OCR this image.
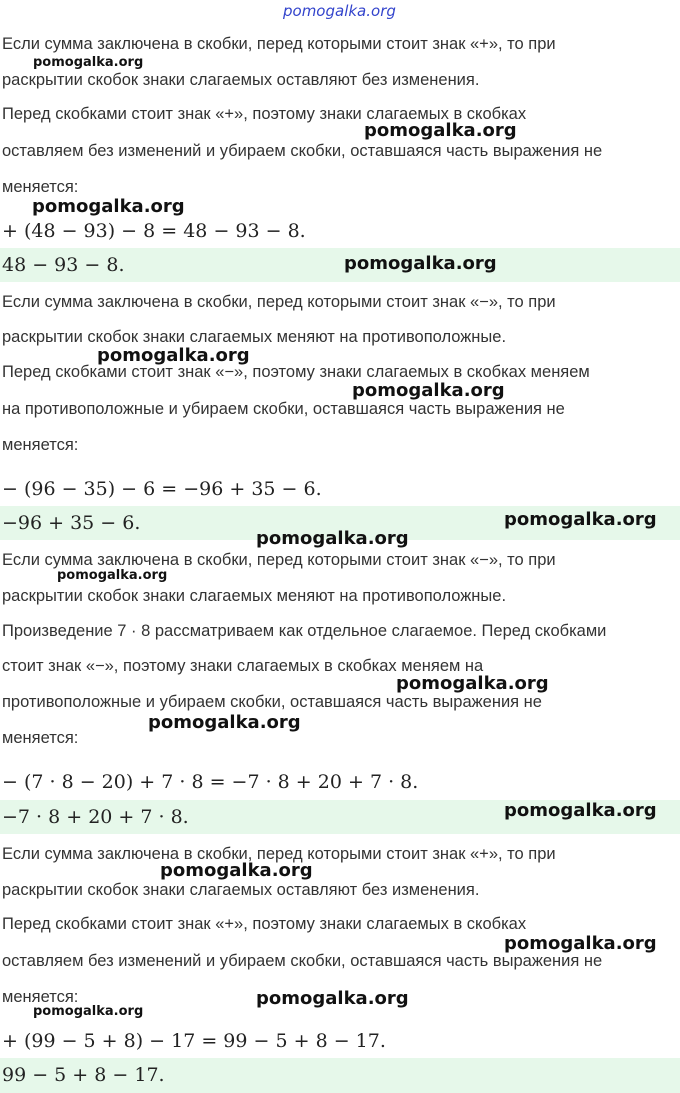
pomogalka.org
Если сумма заключена в скобки, перед которыми стоит знак «+», то при
раскрытии скобок знаки слагаемых оставляют без изменения.
Перед скобками стоит знак «+», поэтому знаки слагаемых в скобках
оставляем без изменений и убираем скобки, оставшаяся часть выражения не
меняется:
+ (48 − 93) − 8 = 48 − 93 − 8.
48 − 93 − 8.
Если сумма заключена в скобки, перед которыми стоит знак «−», то при
раскрытии скобок знаки слагаемых меняют на противоположные.
Перед скобками стоит знак «−», поэтому знаки слагаемых в скобках меняем
на противоположные и убираем скобки, оставшаяся часть выражения не
меняется:
− (96 − 35) − 6 = −96 + 35 − 6.
−96 + 35 − 6.
Если сумма заключена в скобки, перед которыми стоит знак «−», то при
раскрытии скобок знаки слагаемых меняют на противоположные.
Произведение 7 · 8 рассматриваем как отдельное слагаемое. Перед скобками
стоит знак «−», поэтому знаки слагаемых в скобках меняем на
противоположные и убираем скобки, оставшаяся часть выражения не
меняется:
− (7 · 8 − 20) + 7 · 8 = −7 · 8 + 20 + 7 · 8.
−7 · 8 + 20 + 7 · 8.
Если сумма заключена в скобки, перед которыми стоит знак «+», то при
раскрытии скобок знаки слагаемых оставляют без изменения.
Перед скобками стоит знак «+», поэтому знаки слагаемых в скобках
оставляем без изменений и убираем скобки, оставшаяся часть выражения не
меняется:
+ (99 − 5 + 8) − 17 = 99 − 5 + 8 − 17.
99 − 5 + 8 − 17.
pomogalka.org
pomogalka.org
pomogalka.org
pomogalka.org
pomogalka.org
pomogalka.org
pomogalka.org
pomogalka.org
pomogalka.org
pomogalka.org
pomogalka.org
pomogalka.org
pomogalka.org
pomogalka.org
pomogalka.org
pomogalka.org
